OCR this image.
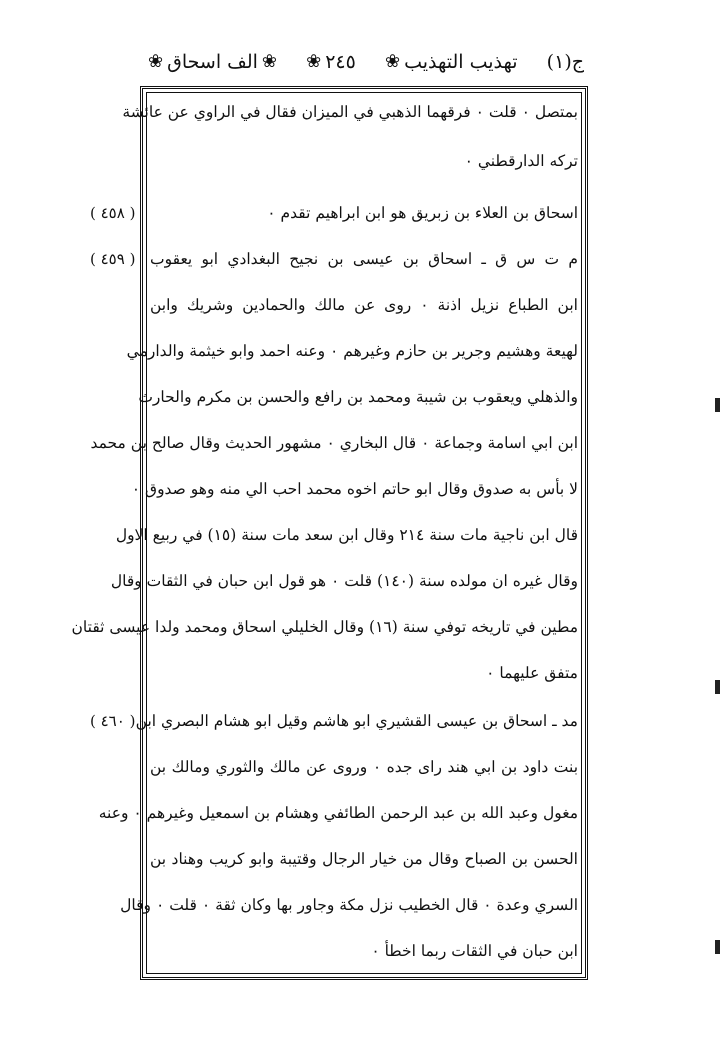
ج(١)
تهذيب التهذيب
❀
٢٤٥
❀
❀
الف اسحاق
❀
بمتصل ٠ قلت ٠ فرقهما الذهبي في الميزان فقال في الراوي عن عائشة
تركه الدارقطني ٠
اسحاق بن العلاء بن زبريق هو ابن ابراهيم تقدم ٠
م ت س ق ـ اسحاق بن عيسى بن نجيح البغدادي ابو يعقوب
ابن الطباع نزيل اذنة ٠ روى عن مالك والحمادين وشريك وابن
لهيعة وهشيم وجرير بن حازم وغيرهم ٠ وعنه احمد وابو خيثمة والدارمي
والذهلي ويعقوب بن شيبة ومحمد بن رافع والحسن بن مكرم والحارث
ابن ابي اسامة وجماعة ٠ قال البخاري ٠ مشهور الحديث وقال صالح بن محمد
لا بأس به صدوق وقال ابو حاتم اخوه محمد احب الي منه وهو صدوق ٠
قال ابن ناجية مات سنة ٢١٤ وقال ابن سعد مات سنة (١٥) في ربيع الاول
وقال غيره ان مولده سنة (١٤٠) قلت ٠ هو قول ابن حبان في الثقات وقال
مطين في تاريخه توفي سنة (١٦) وقال الخليلي اسحاق ومحمد ولدا عيسى ثقتان
متفق عليهما ٠
مد ـ اسحاق بن عيسى القشيري ابو هاشم وقيل ابو هشام البصري ابن
بنت داود بن ابي هند راى جده ٠ وروى عن مالك والثوري ومالك بن
مغول وعبد الله بن عبد الرحمن الطائفي وهشام بن اسمعيل وغيرهم ٠ وعنه
الحسن بن الصباح وقال من خيار الرجال وقتيبة وابو كريب وهناد بن
السري وعدة ٠ قال الخطيب نزل مكة وجاور بها وكان ثقة ٠ قلت ٠ وقال
ابن حبان في الثقات ربما اخطأ ٠
( ٤٥٨ )
( ٤٥٩ )
( ٤٦٠ )
